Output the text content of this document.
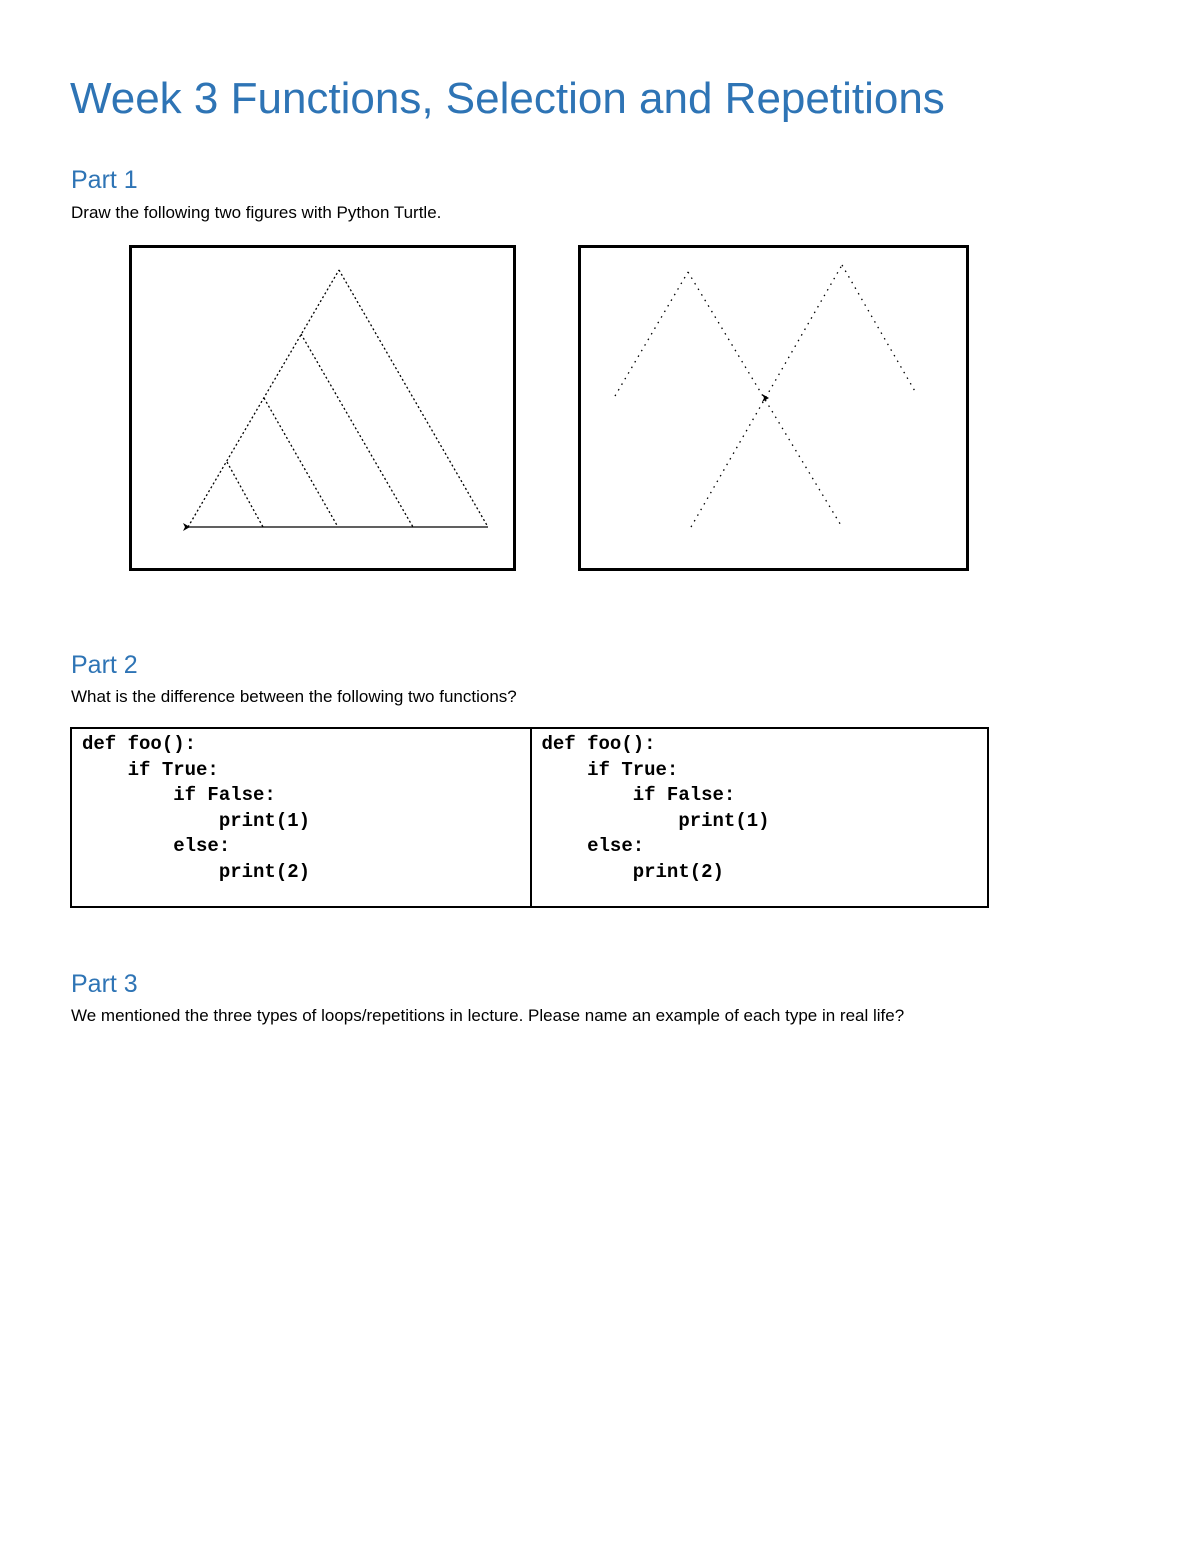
Week 3 Functions, Selection and Repetitions
Part 1
Draw the following two figures with Python Turtle.
Part 2
What is the difference between the following two functions?
def foo():
if True:
if False:
print(1)
else:
print(2)
def foo():
if True:
if False:
print(1)
else:
print(2)
Part 3
We mentioned the three types of loops/repetitions in lecture. Please name an example of each type in real life?
